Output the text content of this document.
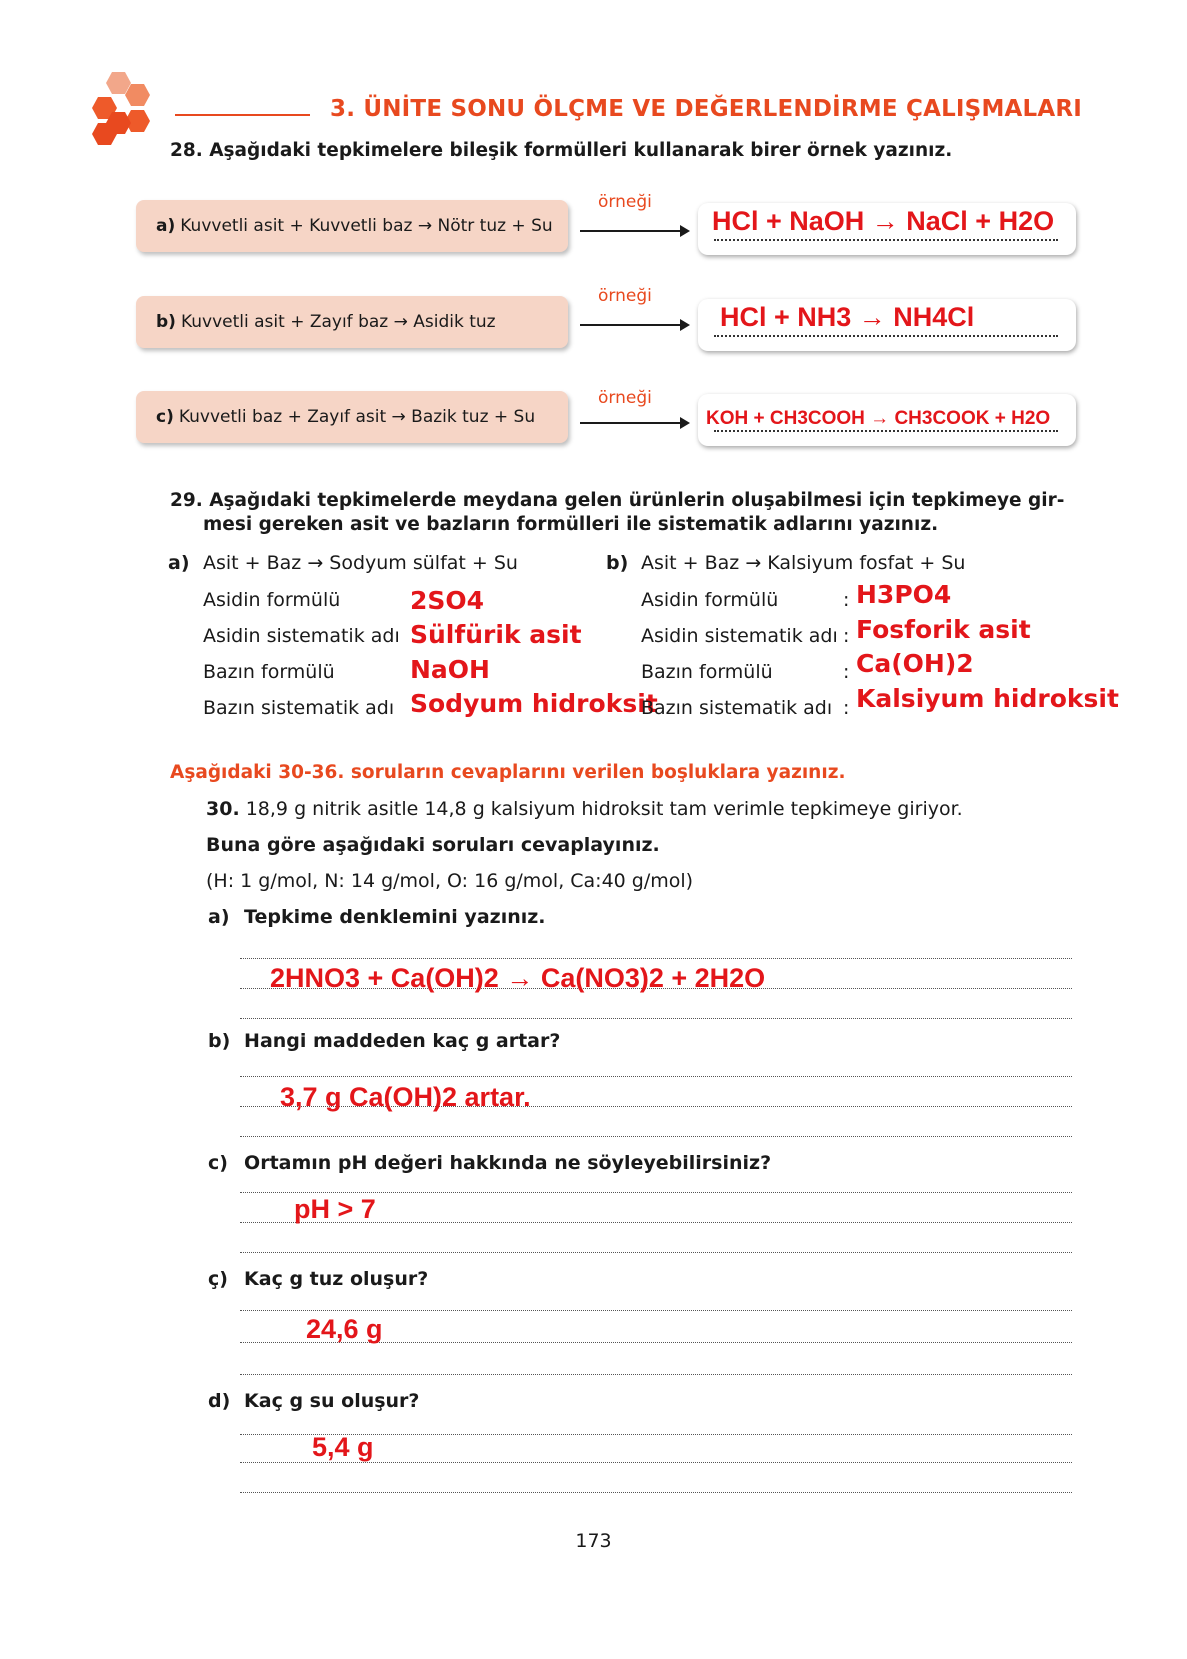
3. ÜNİTE SONU ÖLÇME VE DEĞERLENDİRME ÇALIŞMALARI
28. Aşağıdaki tepkimelere bileşik formülleri kullanarak birer örnek yazınız.
a) Kuvvetli asit + Kuvvetli baz → Nötr tuz + Su
örneği
HCl + NaOH → NaCl + H2O
b) Kuvvetli asit + Zayıf baz → Asidik tuz
örneği
HCl + NH3 → NH4Cl
c) Kuvvetli baz + Zayıf asit → Bazik tuz + Su
örneği
KOH + CH3COOH → CH3COOK + H2O
29. Aşağıdaki tepkimelerde meydana gelen ürünlerin oluşabilmesi için tepkimeye gir-
mesi gereken asit ve bazların formülleri ile sistematik adlarını yazınız.
a) Asit + Baz → Sodyum sülfat + Su
Asidin formülü
Asidin sistematik adı
Bazın formülü
Bazın sistematik adı
2SO4
Sülfürik asit
NaOH
Sodyum hidroksit
b) Asit + Baz → Kalsiyum fosfat + Su
Asidin formülü
Asidin sistematik adı
Bazın formülü
Bazın sistematik adı
:
:
:
:
H3PO4
Fosforik asit
Ca(OH)2
Kalsiyum hidroksit
Aşağıdaki 30-36. soruların cevaplarını verilen boşluklara yazınız.
30. 18,9 g nitrik asitle 14,8 g kalsiyum hidroksit tam verimle tepkimeye giriyor.
Buna göre aşağıdaki soruları cevaplayınız.
(H: 1 g/mol, N: 14 g/mol, O: 16 g/mol, Ca:40 g/mol)
a) Tepkime denklemini yazınız.
2HNO3 + Ca(OH)2 → Ca(NO3)2 + 2H2O
b) Hangi maddeden kaç g artar?
3,7 g Ca(OH)2 artar.
c) Ortamın pH değeri hakkında ne söyleyebilirsiniz?
pH > 7
ç) Kaç g tuz oluşur?
24,6 g
d) Kaç g su oluşur?
5,4 g
173
